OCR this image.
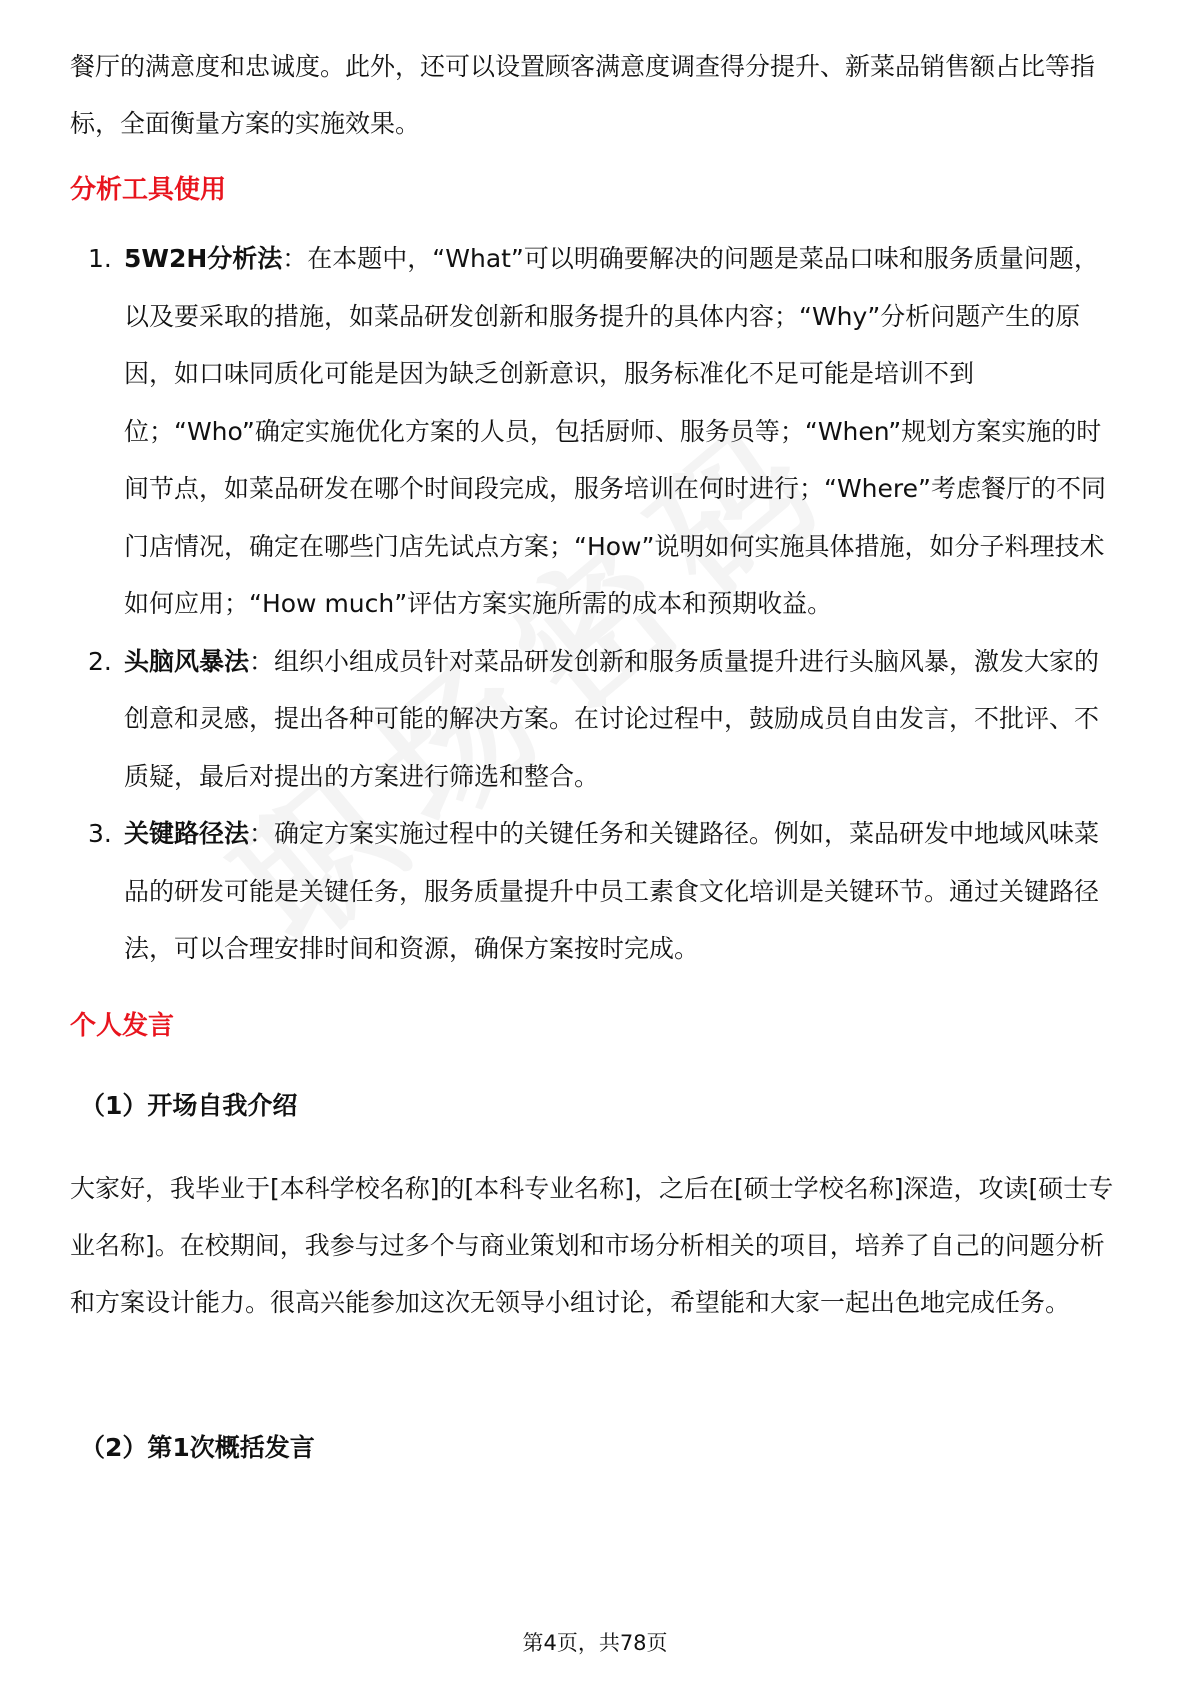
餐厅的满意度和忠诚度。此外，还可以设置顾客满意度调查得分提升、新菜品销售额占比等指标，全面衡量方案的实施效果。

分析工具使用
1. 5W2H分析法：在本题中，“What”可以明确要解决的问题是菜品口味和服务质量问题，以及要采取的措施，如菜品研发创新和服务提升的具体内容；“Why”分析问题产生的原因，如口味同质化可能是因为缺乏创新意识，服务标准化不足可能是培训不到位；“Who”确定实施优化方案的人员，包括厨师、服务员等；“When”规划方案实施的时间节点，如菜品研发在哪个时间段完成，服务培训在何时进行；“Where”考虑餐厅的不同门店情况，确定在哪些门店先试点方案；“How”说明如何实施具体措施，如分子料理技术如何应用；“How much”评估方案实施所需的成本和预期收益。
2. 头脑风暴法：组织小组成员针对菜品研发创新和服务质量提升进行头脑风暴，激发大家的创意和灵感，提出各种可能的解决方案。在讨论过程中，鼓励成员自由发言，不批评、不质疑，最后对提出的方案进行筛选和整合。
3. 关键路径法：确定方案实施过程中的关键任务和关键路径。例如，菜品研发中地域风味菜品的研发可能是关键任务，服务质量提升中员工素食文化培训是关键环节。通过关键路径法，可以合理安排时间和资源，确保方案按时完成。
个人发言
（1）开场自我介绍

大家好，我毕业于[本科学校名称]的[本科专业名称]，之后在[硕士学校名称]深造，攻读[硕士专业名称]。在校期间，我参与过多个与商业策划和市场分析相关的项目，培养了自己的问题分析和方案设计能力。很高兴能参加这次无领导小组讨论，希望能和大家一起出色地完成任务。

（2）第1次概括发言
第4页，共78页
